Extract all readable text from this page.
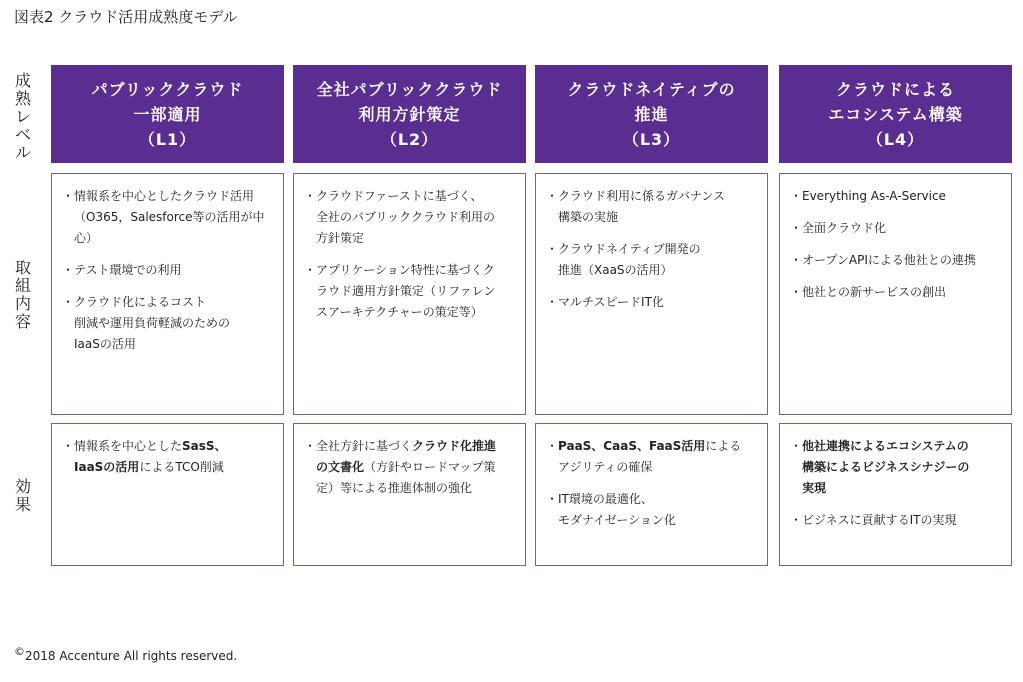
図表2 クラウド活用成熟度モデル
成
熟
レ
ベ
ル
取
組
内
容
効
果
パブリッククラウド
一部適用
（L1）
・ 情報系を中心としたクラウド活用
（O365，Salesforce等の活用が中心）
・ テスト環境での利用
・ クラウド化によるコスト
削減や運用負荷軽減のための
IaaSの活用
・ 情報系を中心としたSasS、
IaaSの活用によるTCO削減
全社パブリッククラウド
利用方針策定
（L2）
・ クラウドファーストに基づく、
全社のパブリッククラウド利用の
方針策定
・ アプリケーション特性に基づくク
ラウド適用方針策定（リファレン
スアーキテクチャーの策定等）
・ 全社方針に基づくクラウド化推進
の文書化（方針やロードマップ策
定）等による推進体制の強化
クラウドネイティブの
推進
（L3）
・ クラウド利用に係るガバナンス
構築の実施
・ クラウドネイティブ開発の
推進（XaaSの活用）
・ マルチスピードIT化
・ PaaS、CaaS、FaaS活用による
アジリティの確保
・ IT環境の最適化、
モダナイゼーション化
クラウドによる
エコシステム構築
（L4）
・ Everything As-A-Service
・ 全面クラウド化
・ オープンAPIによる他社との連携
・ 他社との新サービスの創出
・ 他社連携によるエコシステムの
構築によるビジネスシナジーの
実現
・ ビジネスに貢献するITの実現
©2018 Accenture All rights reserved.
